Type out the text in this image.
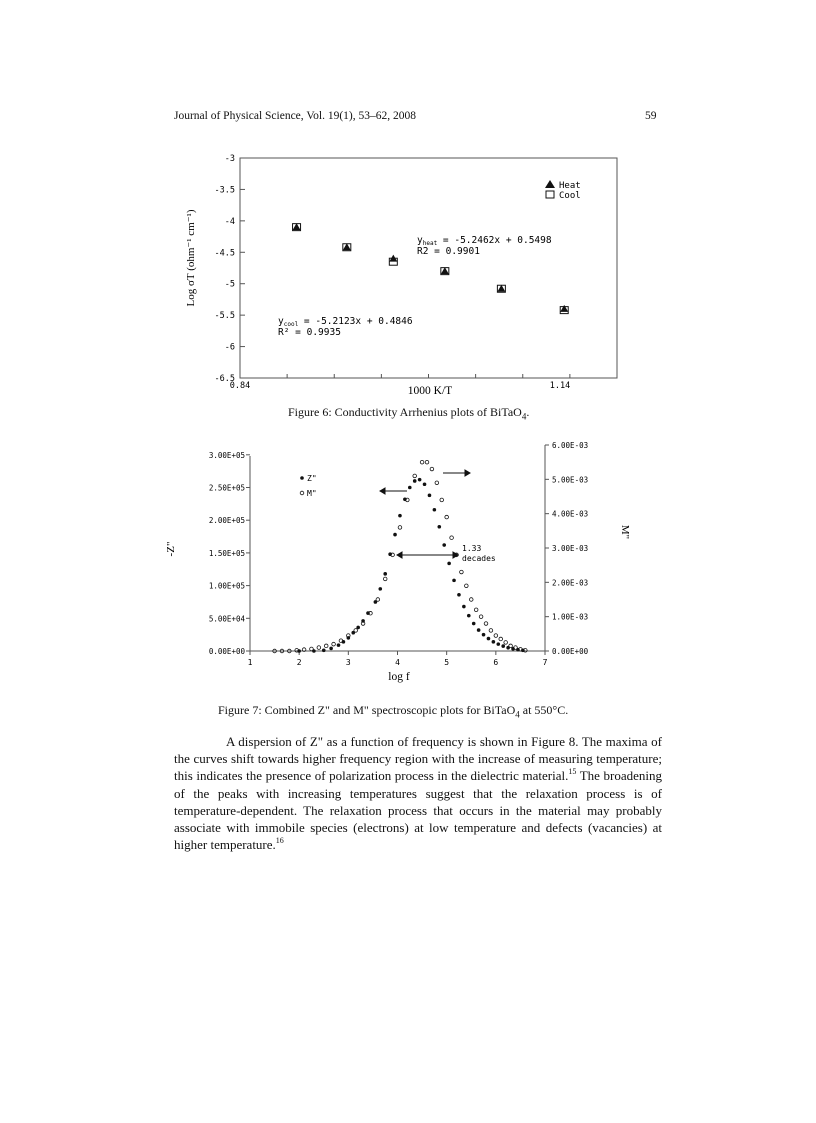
Journal of Physical Science, Vol. 19(1), 53–62, 2008	59
-3
-3.5
-4
-4.5
-5
-5.5
-6
-6.5
0.84	1.14
Heat
Cool
$y_{heat} = -5.2462x + 0.5498$
R2 = 0.9901
$y_{cool} = -5.2123x + 0.4846$
R² = 0.9935
Log σT (ohm⁻¹ cm⁻¹)
1000 K/T
Figure 6: Conductivity Arrhenius plots of BiTaO$_4$.
0.00E+00
5.00E+04
1.00E+05
1.50E+05
2.00E+05
2.50E+05
3.00E+05
0.00E+00
1.00E-03
2.00E-03
3.00E-03
4.00E-03
5.00E-03
6.00E-03
1	2	3	4	5	6	7
Z"
M"
1.33
decades
-Z"
M"
log f
Figure 7: Combined Z" and M" spectroscopic plots for BiTaO$_4$ at 550°C.

A dispersion of Z" as a function of frequency is shown in Figure 8. The maxima of the curves shift towards higher frequency region with the increase of measuring temperature; this indicates the presence of polarization process in the dielectric material.$^{15}$ The broadening of the peaks with increasing temperatures suggest that the relaxation process is of temperature-dependent. The relaxation process that occurs in the material may probably associate with immobile species (electrons) at low temperature and defects (vacancies) at higher temperature.$^{16}$
